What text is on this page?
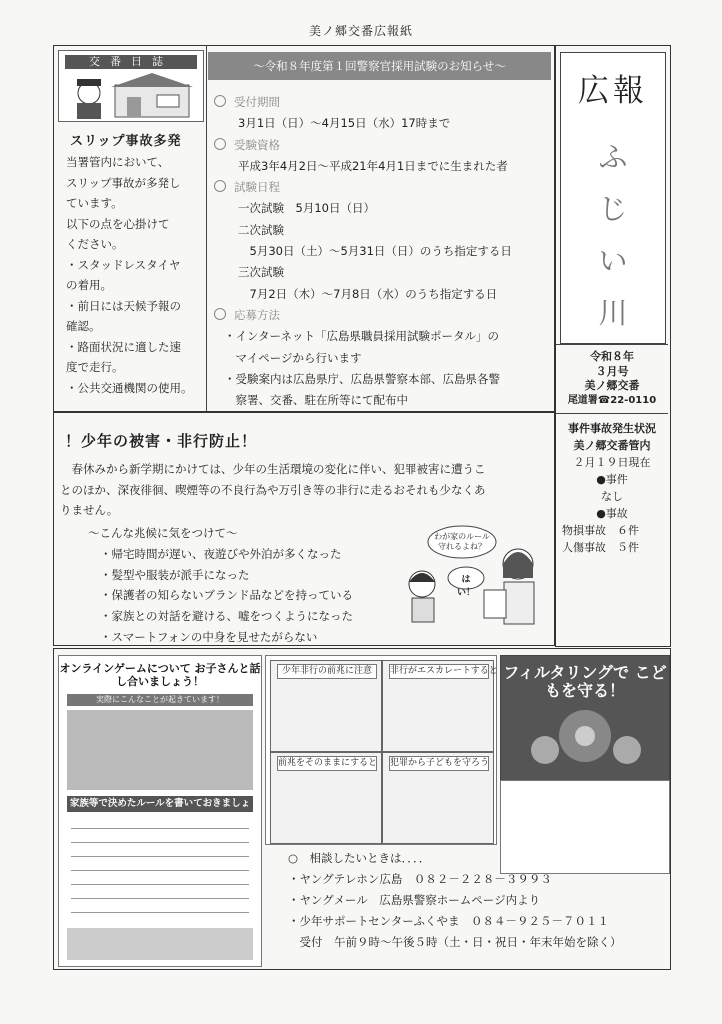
美ノ郷交番広報紙
交番日誌
スリップ事故多発
当署管内において、
スリップ事故が多発し
ています。
以下の点を心掛けて
ください。
・スタッドレスタイヤ
の着用。
・前日には天候予報の
確認。
・路面状況に適した速
度で走行。
・公共交通機関の使用。
～令和８年度第１回警察官採用試験のお知らせ～
受付期間
3月1日（日）～4月15日（水）17時まで
受験資格
平成3年4月2日～平成21年4月1日までに生まれた者
試験日程
一次試験　5月10日（日）
二次試験
　5月30日（土）～5月31日（日）のうち指定する日
三次試験
　7月2日（木）～7月8日（水）のうち指定する日
応募方法
・インターネット「広島県職員採用試験ポータル」の
　マイページから行います
・受験案内は広島県庁、広島県警察本部、広島県各警
　察署、交番、駐在所等にて配布中
広報
ふ
じ
い
川
令和８年
３月号
美ノ郷交番
尾道署☎22-0110
事件事故発生状況
美ノ郷交番管内
２月１９日現在
●事件
なし
●事故
物損事故　６件
人傷事故　５件
！少年の被害・非行防止！
　春休みから新学期にかけては、少年の生活環境の変化に伴い、犯罪被害に遭うこ
とのほか、深夜徘徊、喫煙等の不良行為や万引き等の非行に走るおそれも少なくあ
りません。
～こんな兆候に気をつけて～
・帰宅時間が遅い、夜遊びや外泊が多くなった
・髪型や服装が派手になった
・保護者の知らないブランド品などを持っている
・家族との対話を避ける、嘘をつくようになった
・スマートフォンの中身を見せたがらない
わが家のルール守れるよね？
はい！
オンラインゲームについて お子さんと話し合いましょう！
実際にこんなことが起きています！
家族等で決めたルールを書いておきましょう！
少年非行の前兆に注意	非行がエスカレートすると
前兆をそのままにすると 犯罪から子どもを守ろう
フィルタリングで こどもを守る！
○　相談したいときは．．．．
・ヤングテレホン広島　０８２－２２８－３９９３
・ヤングメール　広島県警察ホームページ内より
・少年サポートセンターふくやま　０８４－９２５－７０１１
　受付　午前９時～午後５時（土・日・祝日・年末年始を除く）
